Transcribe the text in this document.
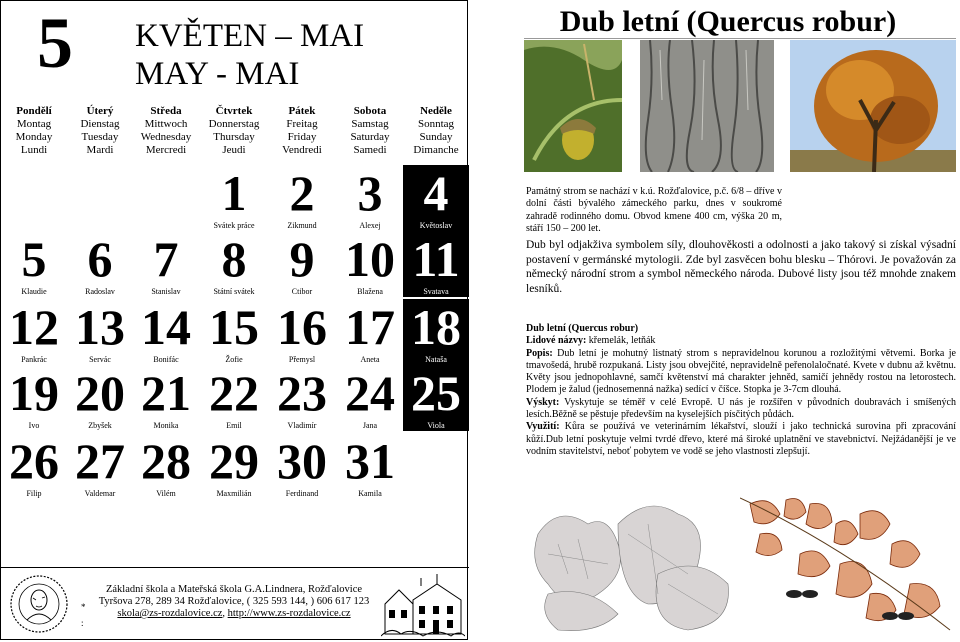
5 KVĚTEN – MAI
MAY - MAI
Pondělí
Montag
Monday
Lundi
Úterý
Dienstag
Tuesday
Mardi
Středa
Mittwoch
Wednesday
Mercredi
Čtvrtek
Donnerstag
Thursday
Jeudi
Pátek
Freitag
Friday
Vendredi
Sobota
Samstag
Saturday
Samedi
Neděle
Sonntag
Sunday
Dimanche
1
Svátek práce
2
Zikmund
3
Alexej
4
Květoslav
5
Klaudie
6
Radoslav
7
Stanislav
8
Státní svátek
9
Ctibor
10
Blažena
11
Svatava
12
Pankrác
13
Servác
14
Bonifác
15
Žofie
16
Přemysl
17
Aneta
18
Nataša
19
Ivo
20
Zbyšek
21
Monika
22
Emil
23
Vladimír
24
Jana
25
Viola
26
Filip
27
Valdemar
28
Vilém
29
Maxmilián
30
Ferdinand
31
Kamila
Základní škola a Mateřská škola G.A.Lindnera, Rožďalovice
Tyršova 278, 289 34 Rožďalovice, ( 325 593 144, ) 606 617 123
skola@zs-rozdalovice.cz, http://www.zs-rozdalovice.cz
*
:
Dub letní (Quercus robur)
Památný strom se nachází v k.ú. Rožďalovice, p.č. 6/8 – dříve v dolní části bývalého zámeckého parku, dnes v soukromé zahradě rodinného domu. Obvod kmene 400 cm, výška 20 m, stáří 150 – 200 let.
Dub byl odjakživa symbolem síly, dlouhověkosti a odolnosti a jako takový si získal výsadní postavení v germánské mytologii. Zde byl zasvěcen bohu blesku – Thórovi. Je považován za německý národní strom a symbol německého národa. Dubové listy jsou též mnohde znakem lesníků.
Dub letní (Quercus robur)
Lidové názvy: křemelák, letňák
Popis: Dub letní je mohutný listnatý strom s nepravidelnou korunou a rozložitými větvemi. Borka je tmavošedá, hrubě rozpukaná. Listy jsou obvejčité, nepravidelně peřenolaločnaté. Kvete v dubnu až květnu. Květy jsou jednopohlavné, samčí květenství má charakter jehněd, samičí jehnědy rostou na letorostech. Plodem je žalud (jednosemenná nažka) sedící v číšce. Stopka je 3-7cm dlouhá.
Výskyt: Vyskytuje se téměř v celé Evropě. U nás je rozšířen v původních doubravách i smíšených lesích.Běžně se pěstuje především na kyselejších písčitých půdách.
Využití: Kůra se používá ve veterinárním lékařství, slouží i jako technická surovina při zpracování kůží.Dub letní poskytuje velmi tvrdé dřevo, které má široké uplatnění ve stavebnictví. Nejžádanější je ve vodním stavitelství, neboť pobytem ve vodě se jeho vlastnosti zlepšují.
